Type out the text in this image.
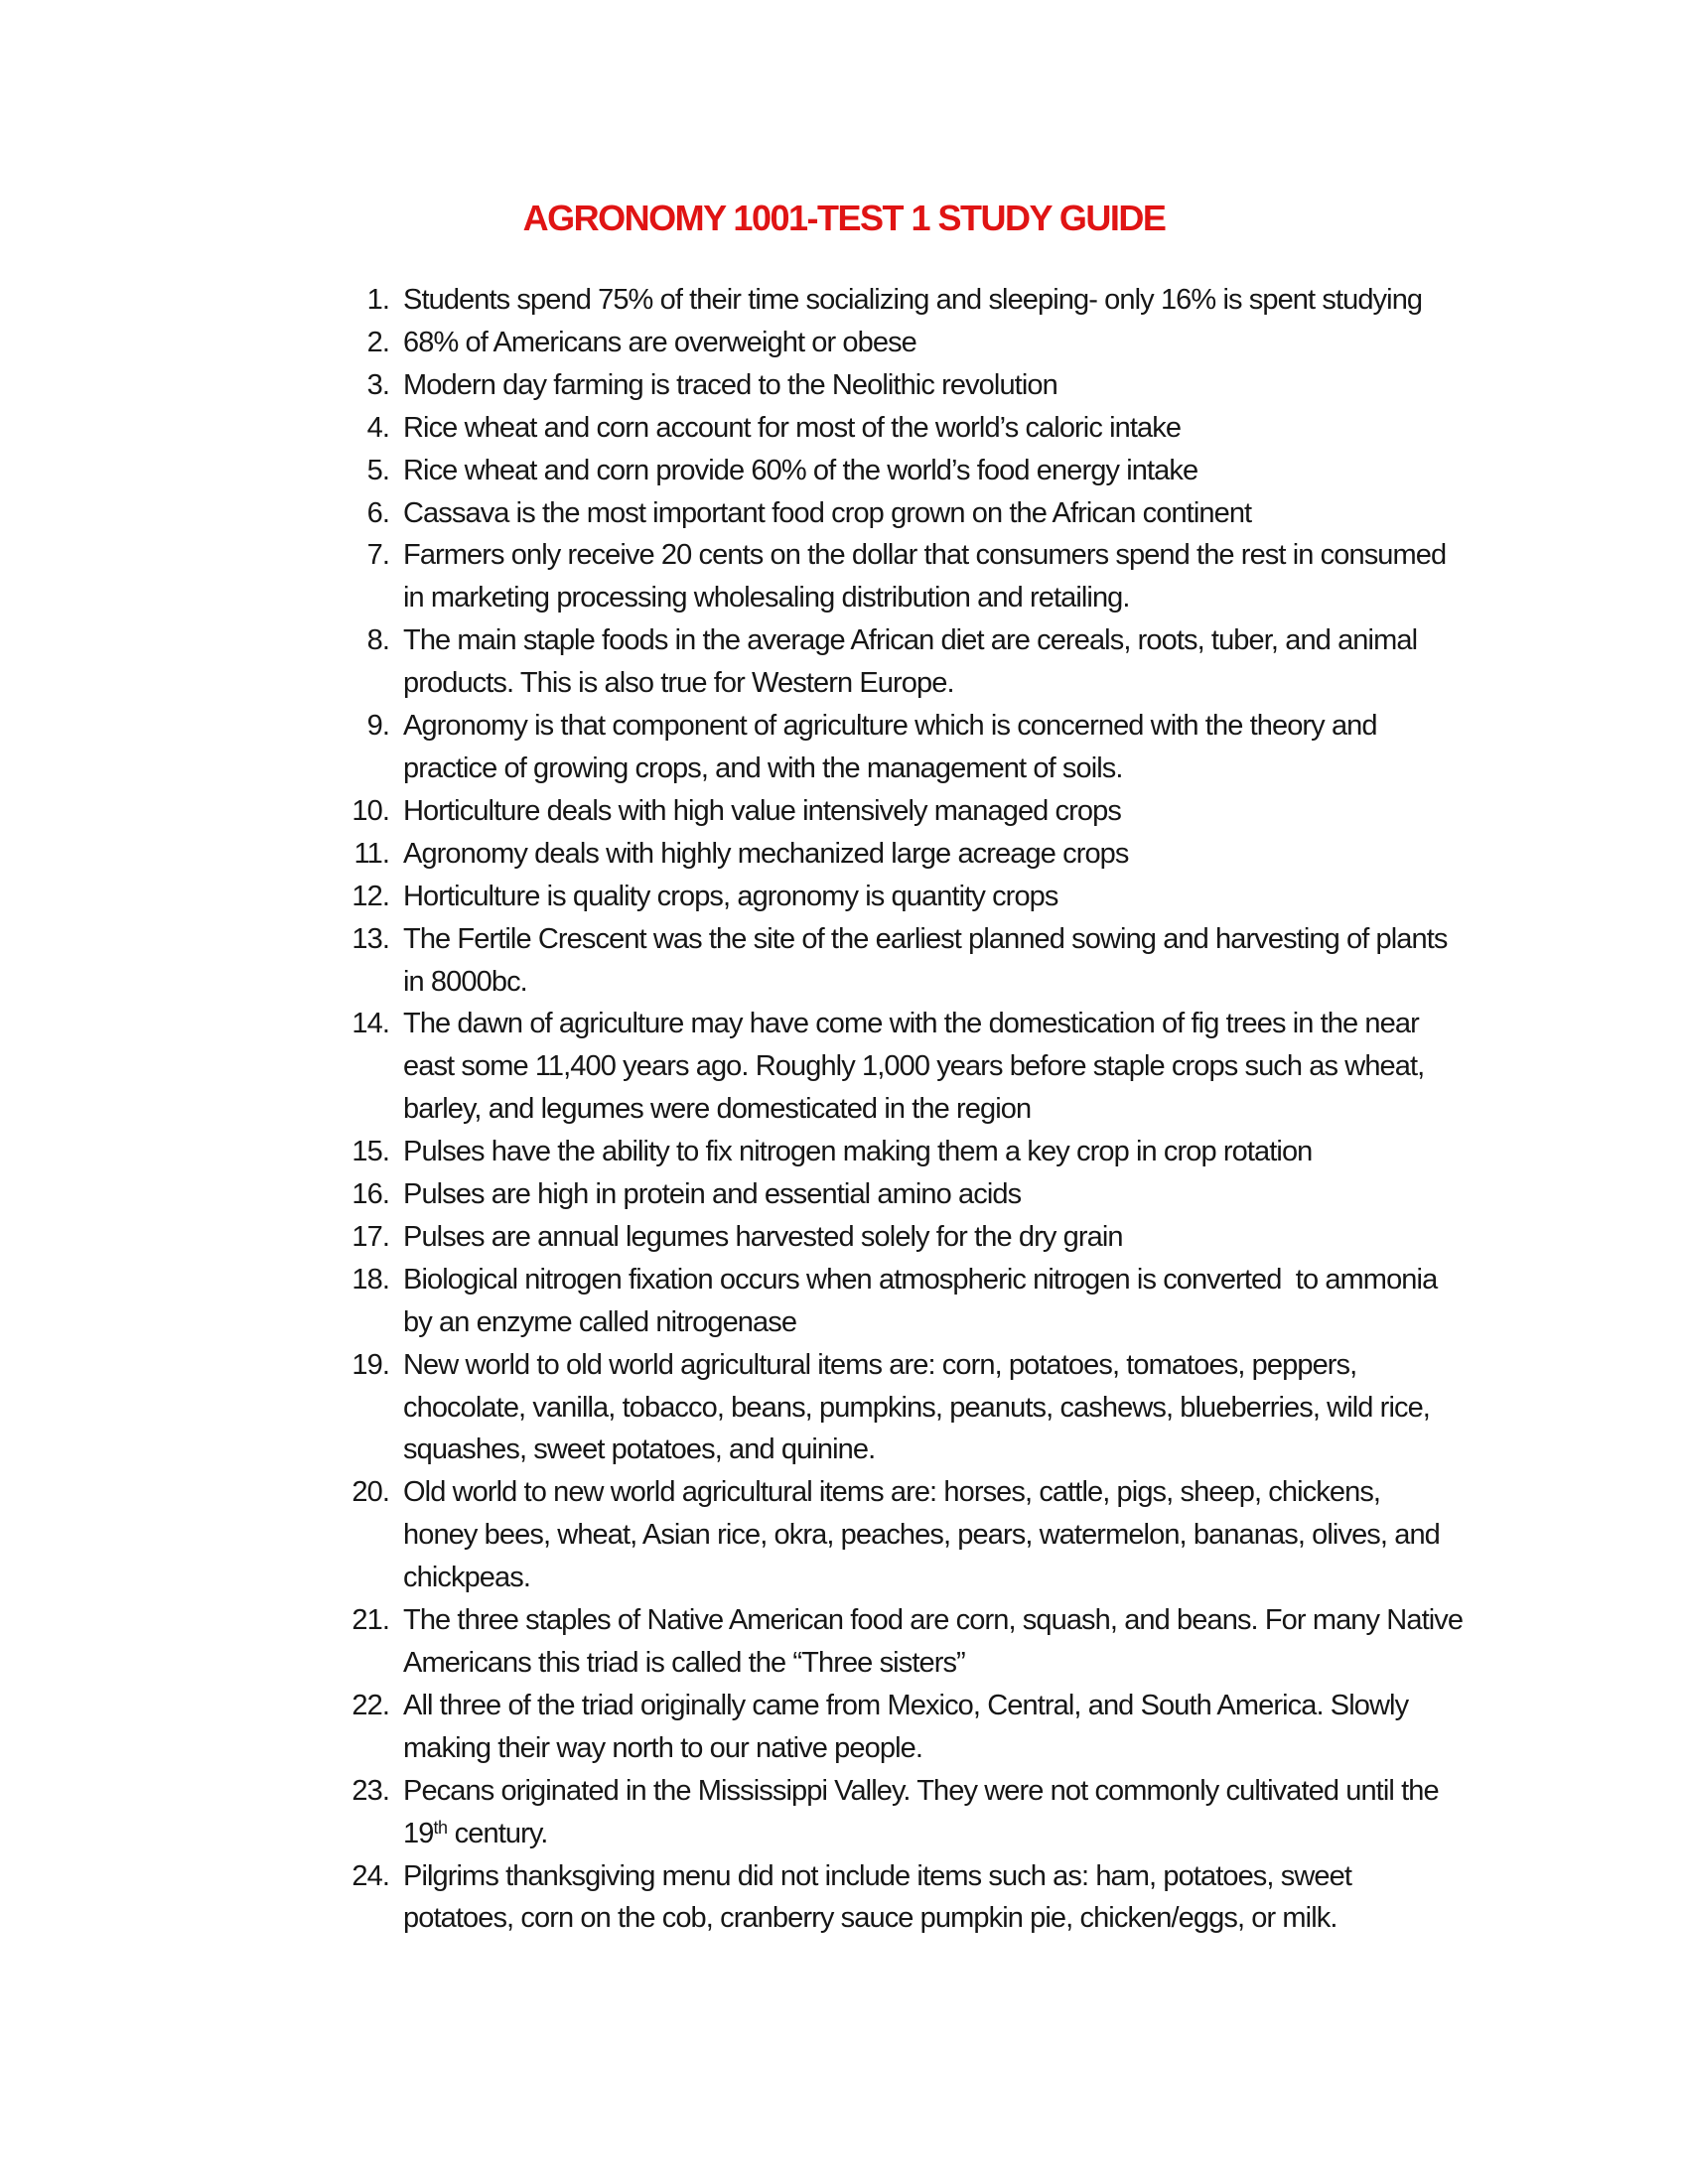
AGRONOMY 1001-TEST 1 STUDY GUIDE
1. Students spend 75% of their time socializing and sleeping- only 16% is spent studying
2. 68% of Americans are overweight or obese
3. Modern day farming is traced to the Neolithic revolution
4. Rice wheat and corn account for most of the world’s caloric intake
5. Rice wheat and corn provide 60% of the world’s food energy intake
6. Cassava is the most important food crop grown on the African continent
7. Farmers only receive 20 cents on the dollar that consumers spend the rest in consumed
in marketing processing wholesaling distribution and retailing.
8. The main staple foods in the average African diet are cereals, roots, tuber, and animal
products. This is also true for Western Europe.
9. Agronomy is that component of agriculture which is concerned with the theory and
practice of growing crops, and with the management of soils.
10. Horticulture deals with high value intensively managed crops
11. Agronomy deals with highly mechanized large acreage crops
12. Horticulture is quality crops, agronomy is quantity crops
13. The Fertile Crescent was the site of the earliest planned sowing and harvesting of plants
in 8000bc.
14. The dawn of agriculture may have come with the domestication of fig trees in the near
east some 11,400 years ago. Roughly 1,000 years before staple crops such as wheat,
barley, and legumes were domesticated in the region
15. Pulses have the ability to fix nitrogen making them a key crop in crop rotation
16. Pulses are high in protein and essential amino acids
17. Pulses are annual legumes harvested solely for the dry grain
18. Biological nitrogen fixation occurs when atmospheric nitrogen is converted  to ammonia
by an enzyme called nitrogenase
19. New world to old world agricultural items are: corn, potatoes, tomatoes, peppers,
chocolate, vanilla, tobacco, beans, pumpkins, peanuts, cashews, blueberries, wild rice,
squashes, sweet potatoes, and quinine.
20. Old world to new world agricultural items are: horses, cattle, pigs, sheep, chickens,
honey bees, wheat, Asian rice, okra, peaches, pears, watermelon, bananas, olives, and
chickpeas.
21. The three staples of Native American food are corn, squash, and beans. For many Native
Americans this triad is called the “Three sisters”
22. All three of the triad originally came from Mexico, Central, and South America. Slowly
making their way north to our native people.
23. Pecans originated in the Mississippi Valley. They were not commonly cultivated until the
19th century.
24. Pilgrims thanksgiving menu did not include items such as: ham, potatoes, sweet
potatoes, corn on the cob, cranberry sauce pumpkin pie, chicken/eggs, or milk.
